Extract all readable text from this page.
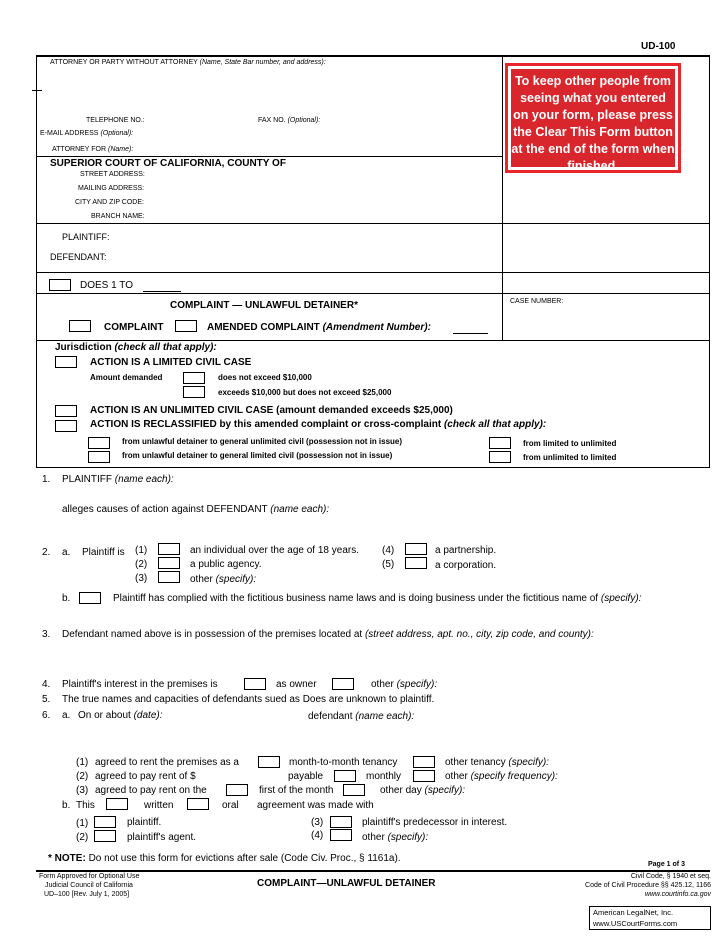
UD-100
ATTORNEY OR PARTY WITHOUT ATTORNEY (Name, State Bar number, and address):
TELEPHONE NO.:	FAX NO. (Optional):
E-MAIL ADDRESS (Optional):
ATTORNEY FOR (Name):
To keep other people from seeing what you entered on your form, please press the Clear This Form button at the end of the form when finished.
SUPERIOR COURT OF CALIFORNIA, COUNTY OF
STREET ADDRESS:
MAILING ADDRESS:
CITY AND ZIP CODE:
BRANCH NAME:
PLAINTIFF:
DEFENDANT:
DOES 1 TO
COMPLAINT — UNLAWFUL DETAINER*	CASE NUMBER:
COMPLAINT	AMENDED COMPLAINT (Amendment Number):
Jurisdiction (check all that apply):
ACTION IS A LIMITED CIVIL CASE
Amount demanded	does not exceed $10,000
exceeds $10,000 but does not exceed $25,000
ACTION IS AN UNLIMITED CIVIL CASE (amount demanded exceeds $25,000)
ACTION IS RECLASSIFIED by this amended complaint or cross-complaint (check all that apply):
from unlawful detainer to general unlimited civil (possession not in issue)
from unlawful detainer to general limited civil (possession not in issue)
from limited to unlimited
from unlimited to limited
1. PLAINTIFF (name each):
alleges causes of action against DEFENDANT (name each):
2. a. Plaintiff is (1)	an individual over the age of 18 years.
(2)	a public agency.
(3)	other (specify):
(4)	a partnership.
(5)	a corporation.
b.	Plaintiff has complied with the fictitious business name laws and is doing business under the fictitious name of (specify):
3. Defendant named above is in possession of the premises located at (street address, apt. no., city, zip code, and county):
4. Plaintiff's interest in the premises is	as owner	other (specify):
5. The true names and capacities of defendants sued as Does are unknown to plaintiff.
6. a. On or about (date):	defendant (name each):
(1) agreed to rent the premises as a	month-to-month tenancy	other tenancy (specify):
(2) agreed to pay rent of $	payable	monthly	other (specify frequency):
(3) agreed to pay rent on the	first of the month	other day (specify):
b. This	written	oral agreement was made with
(1)	plaintiff.	(3)	plaintiff's predecessor in interest.
(2)	plaintiff's agent.	(4)	other (specify):
* NOTE: Do not use this form for evictions after sale (Code Civ. Proc., § 1161a).
Page 1 of 3
Form Approved for Optional Use
Judicial Council of California
UD–100 [Rev. July 1, 2005]
COMPLAINT—UNLAWFUL DETAINER
Civil Code, § 1940 et seq.
Code of Civil Procedure §§ 425.12, 1166
www.courtinfo.ca.gov
American LegalNet, Inc.
www.USCourtForms.com
